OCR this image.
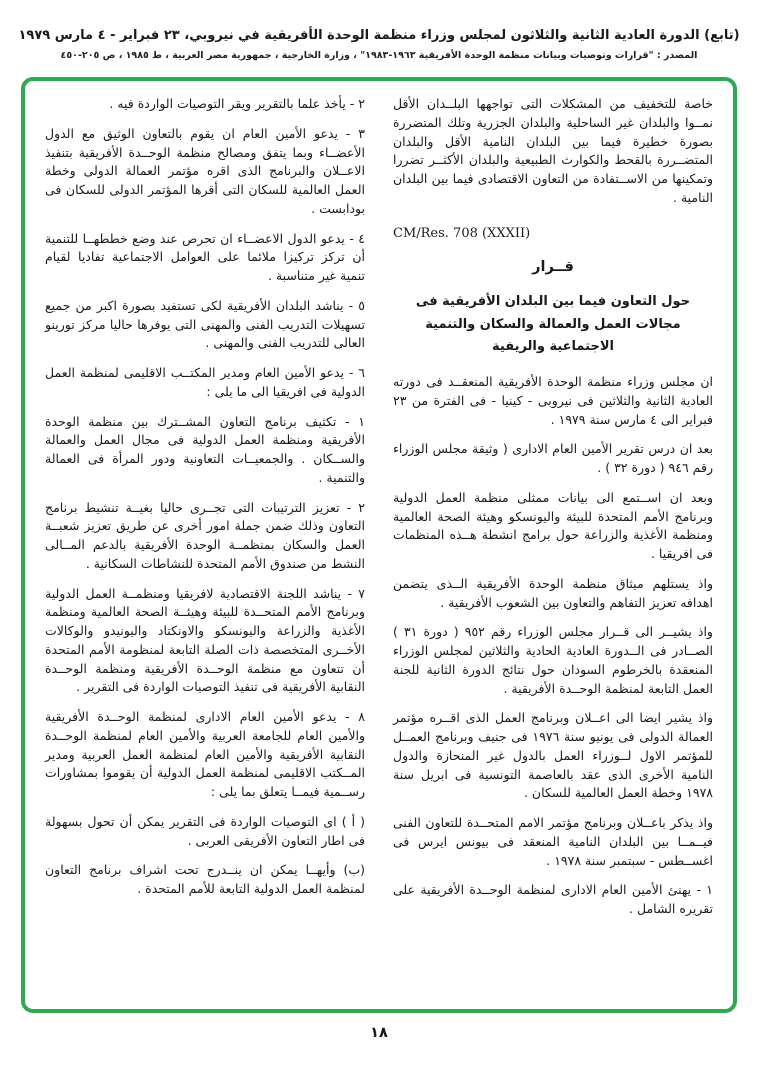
(تابع) الدورة العادية الثانية والثلاثون لمجلس وزراء منظمة الوحدة الأفريقية في نيروبي، ٢٣ فبراير - ٤ مارس ١٩٧٩
المصدر : "قرارات وتوصيات وبيانات منظمة الوحدة الأفريقية ١٩٦٣-١٩٨٣" ، وزارة الخارجية ، جمهورية مصر العربية ، ط ١٩٨٥ ، ص ٢٠٥-٤٥٠

خاصة للتخفيف من المشكلات التى تواجهها البلــدان الأقل نمــوا والبلدان غير الساحلية والبلدان الجزرية وتلك المتضررة بصورة خطيرة فيما بين البلدان النامية الأقل والبلدان المتضــررة بالقحط والكوارث الطبيعية والبلدان الأكثــر تضررا وتمكينها من الاســتفادة من التعاون الاقتصادى فيما بين البلدان النامية .

CM/Res. 708 (XXXII)
قــرار
حول التعاون فيما بين البلدان الأفريقية فى مجالات العمل والعمالة والسكان والتنمية الاجتماعية والريفية

ان مجلس وزراء منظمة الوحدة الأفريقية المنعقــد فى دورته العادية الثانية والثلاثين فى نيروبى - كينيا - فى الفترة من ٢٣ فبراير الى ٤ مارس سنة ١٩٧٩ .

بعد ان درس تقرير الأمين العام الادارى ( وثيقة مجلس الوزراء رقم ٩٤٦ ( دورة ٣٢ ) .

وبعد ان اســتمع الى بيانات ممثلى منظمة العمل الدولية وبرنامج الأمم المتحدة للبيئة واليونسكو وهيئة الصحة العالمية ومنظمة الأغذية والزراعة حول برامج انشطة هــذه المنظمات فى افريقيا .

واذ يستلهم ميثاق منظمة الوحدة الأفريقية الــذى يتضمن اهدافه تعزيز التفاهم والتعاون بين الشعوب الأفريقية .

واذ يشيــر الى قــرار مجلس الوزراء رقم ٩٥٢ ( دورة ٣١ ) الصــادر فى الــدورة العادية الحادية والثلاثين لمجلس الوزراء المنعقدة بالخرطوم السودان حول نتائج الدورة الثانية للجنة العمل التابعة لمنظمة الوحــدة الأفريقية .

واذ يشير ايضا الى اعــلان وبرنامج العمل الذى اقــره مؤتمر العمالة الدولى فى يونيو سنة ١٩٧٦ فى جنيف وبرنامج العمــل للمؤتمر الاول لــوزراء العمل بالدول غير المنحازة والدول النامية الأخرى الذى عقد بالعاصمة التونسية فى ابريل سنة ١٩٧٨ وخطة العمل العالمية للسكان .

واذ يذكر باعــلان وبرنامج مؤتمر الامم المتحــدة للتعاون الفنى فيــمــا بين البلدان النامية المنعقد فى بيونس ايرس فى اغســطس - سبتمبر سنة ١٩٧٨ .

١ - يهنئ الأمين العام الادارى لمنظمة الوحــدة الأفريقية على تقريره الشامل .

٢ - يأخذ علما بالتقرير ويقر التوصيات الواردة فيه .

٣ - يدعو الأمين العام ان يقوم بالتعاون الوثيق مع الدول الأعضــاء وبما يتفق ومصالح منظمة الوحــدة الأفريقية بتنفيذ الاعــلان والبرنامج الذى اقره مؤتمر العمالة الدولى وخطة العمل العالمية للسكان التى أقرها المؤتمر الدولى للسكان فى بودابست .

٤ - يدعو الدول الاعضــاء ان تحرص عند وضع خططهــا للتنمية أن تركز تركيزا ملائما على العوامل الاجتماعية تفاديا لقيام تنمية غير متناسبة .

٥ - يناشد البلدان الأفريقية لكى تستفيد بصورة اكبر من جميع تسهيلات التدريب الفنى والمهنى التى يوفرها حاليا مركز تورينو العالى للتدريب الفنى والمهنى .

٦ - يدعو الأمين العام ومدير المكتــب الاقليمى لمنظمة العمل الدولية فى افريقيا الى ما يلى :

١ - تكثيف برنامج التعاون المشــترك بين منظمة الوحدة الأفريقية ومنظمة العمل الدولية فى مجال العمل والعمالة والســكان . والجمعيــات التعاونية ودور المرأة فى العمالة والتنمية .

٢ - تعزيز الترتيبات التى تجــرى حاليا بغيــة تنشيط برنامج التعاون وذلك ضمن جملة امور أخرى عن طريق تعزيز شعبــة العمل والسكان بمنظمــة الوحدة الأفريقية بالدعم المــالى النشط من صندوق الأمم المتحدة للنشاطات السكانية .

٧ - يناشد اللجنة الاقتصادية لافريقيا ومنظمــة العمل الدولية وبرنامج الأمم المتحــدة للبيئة وهيئــة الصحة العالمية ومنظمة الأغذية والزراعة واليونسكو والاونكتاد واليونيدو والوكالات الأخــرى المتخصصة ذات الصلة التابعة لمنظومة الأمم المتحدة أن تتعاون مع منظمة الوحــدة الأفريقية ومنظمة الوحــدة النقابية الأفريقية فى تنفيذ التوصيات الواردة فى التقرير .

٨ - يدعو الأمين العام الادارى لمنظمة الوحــدة الأفريقية والأمين العام للجامعة العربية والأمين العام لمنظمة الوحــدة النقابية الأفريقية والأمين العام لمنظمة العمل العربية ومدير المــكتب الاقليمى لمنظمة العمل الدولية أن يقوموا بمشاورات رســمية فيمــا يتعلق بما يلى :

( أ ) اى التوصيات الواردة فى التقرير يمكن أن تحول بسهولة فى اطار التعاون الأفريقى العربى .

(ب) وأيهــا يمكن ان ينــدرج تحت اشراف برنامج التعاون لمنظمة العمل الدولية التابعة للأمم المتحدة .

١٨
